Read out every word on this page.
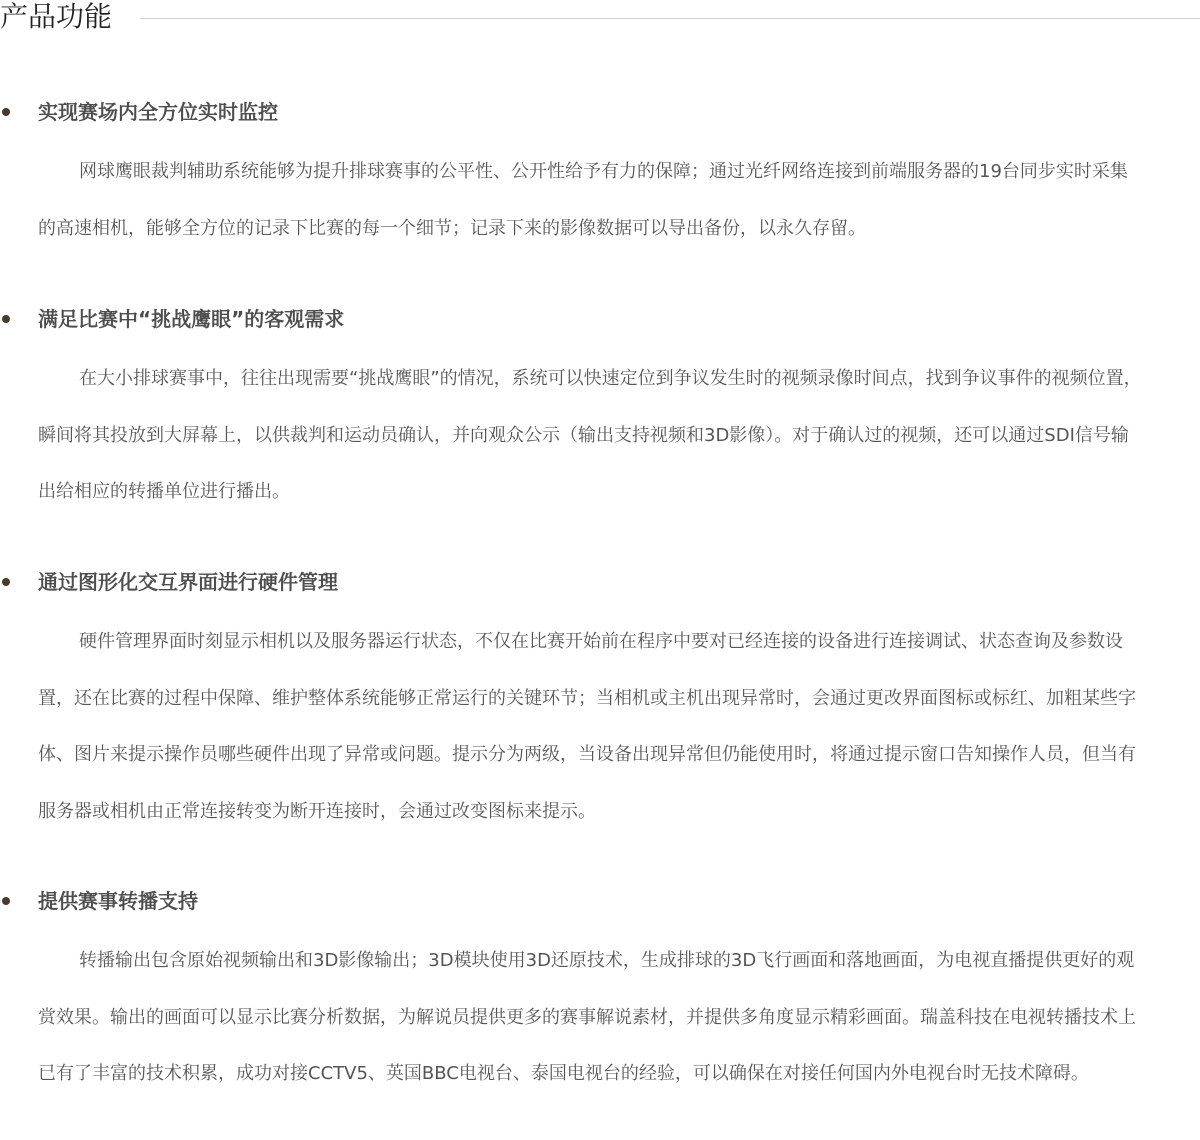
产品功能
实现赛场内全方位实时监控

网球鹰眼裁判辅助系统能够为提升排球赛事的公平性、公开性给予有力的保障；通过光纤网络连接到前端服务器的19台同步实时采集的高速相机，能够全方位的记录下比赛的每一个细节；记录下来的影像数据可以导出备份，以永久存留。

满足比赛中“挑战鹰眼”的客观需求

在大小排球赛事中，往往出现需要“挑战鹰眼”的情况，系统可以快速定位到争议发生时的视频录像时间点，找到争议事件的视频位置，瞬间将其投放到大屏幕上，以供裁判和运动员确认，并向观众公示（输出支持视频和3D影像）。对于确认过的视频，还可以通过SDI信号输出给相应的转播单位进行播出。

通过图形化交互界面进行硬件管理

硬件管理界面时刻显示相机以及服务器运行状态，不仅在比赛开始前在程序中要对已经连接的设备进行连接调试、状态查询及参数设置，还在比赛的过程中保障、维护整体系统能够正常运行的关键环节；当相机或主机出现异常时，会通过更改界面图标或标红、加粗某些字体、图片来提示操作员哪些硬件出现了异常或问题。提示分为两级，当设备出现异常但仍能使用时，将通过提示窗口告知操作人员，但当有服务器或相机由正常连接转变为断开连接时，会通过改变图标来提示。

提供赛事转播支持

转播输出包含原始视频输出和3D影像输出；3D模块使用3D还原技术，生成排球的3D飞行画面和落地画面，为电视直播提供更好的观赏效果。输出的画面可以显示比赛分析数据，为解说员提供更多的赛事解说素材，并提供多角度显示精彩画面。瑞盖科技在电视转播技术上已有了丰富的技术积累，成功对接CCTV5、英国BBC电视台、泰国电视台的经验，可以确保在对接任何国内外电视台时无技术障碍。
